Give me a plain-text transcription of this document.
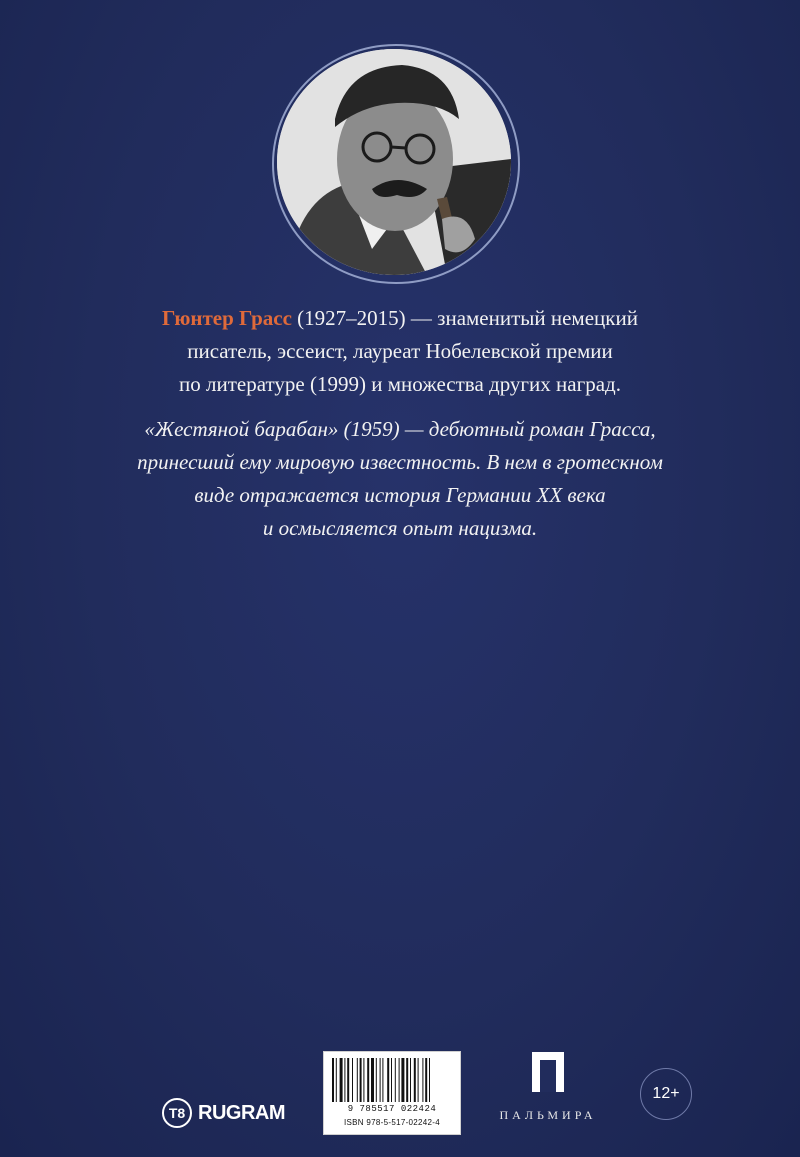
Гюнтер Грасс (1927–2015) — знаменитый немецкий
писатель, эссеист, лауреат Нобелевской премии
по литературе (1999) и множества других наград.
«Жестяной барабан» (1959) — дебютный роман Грасса,
принесший ему мировую известность. В нем в гротескном
виде отражается история Германии XX века
и осмысляется опыт нацизма.
T8 RUGRAM	9 785517 022424
ISBN 978-5-517-02242-4
ПАЛЬМИРА
12+
